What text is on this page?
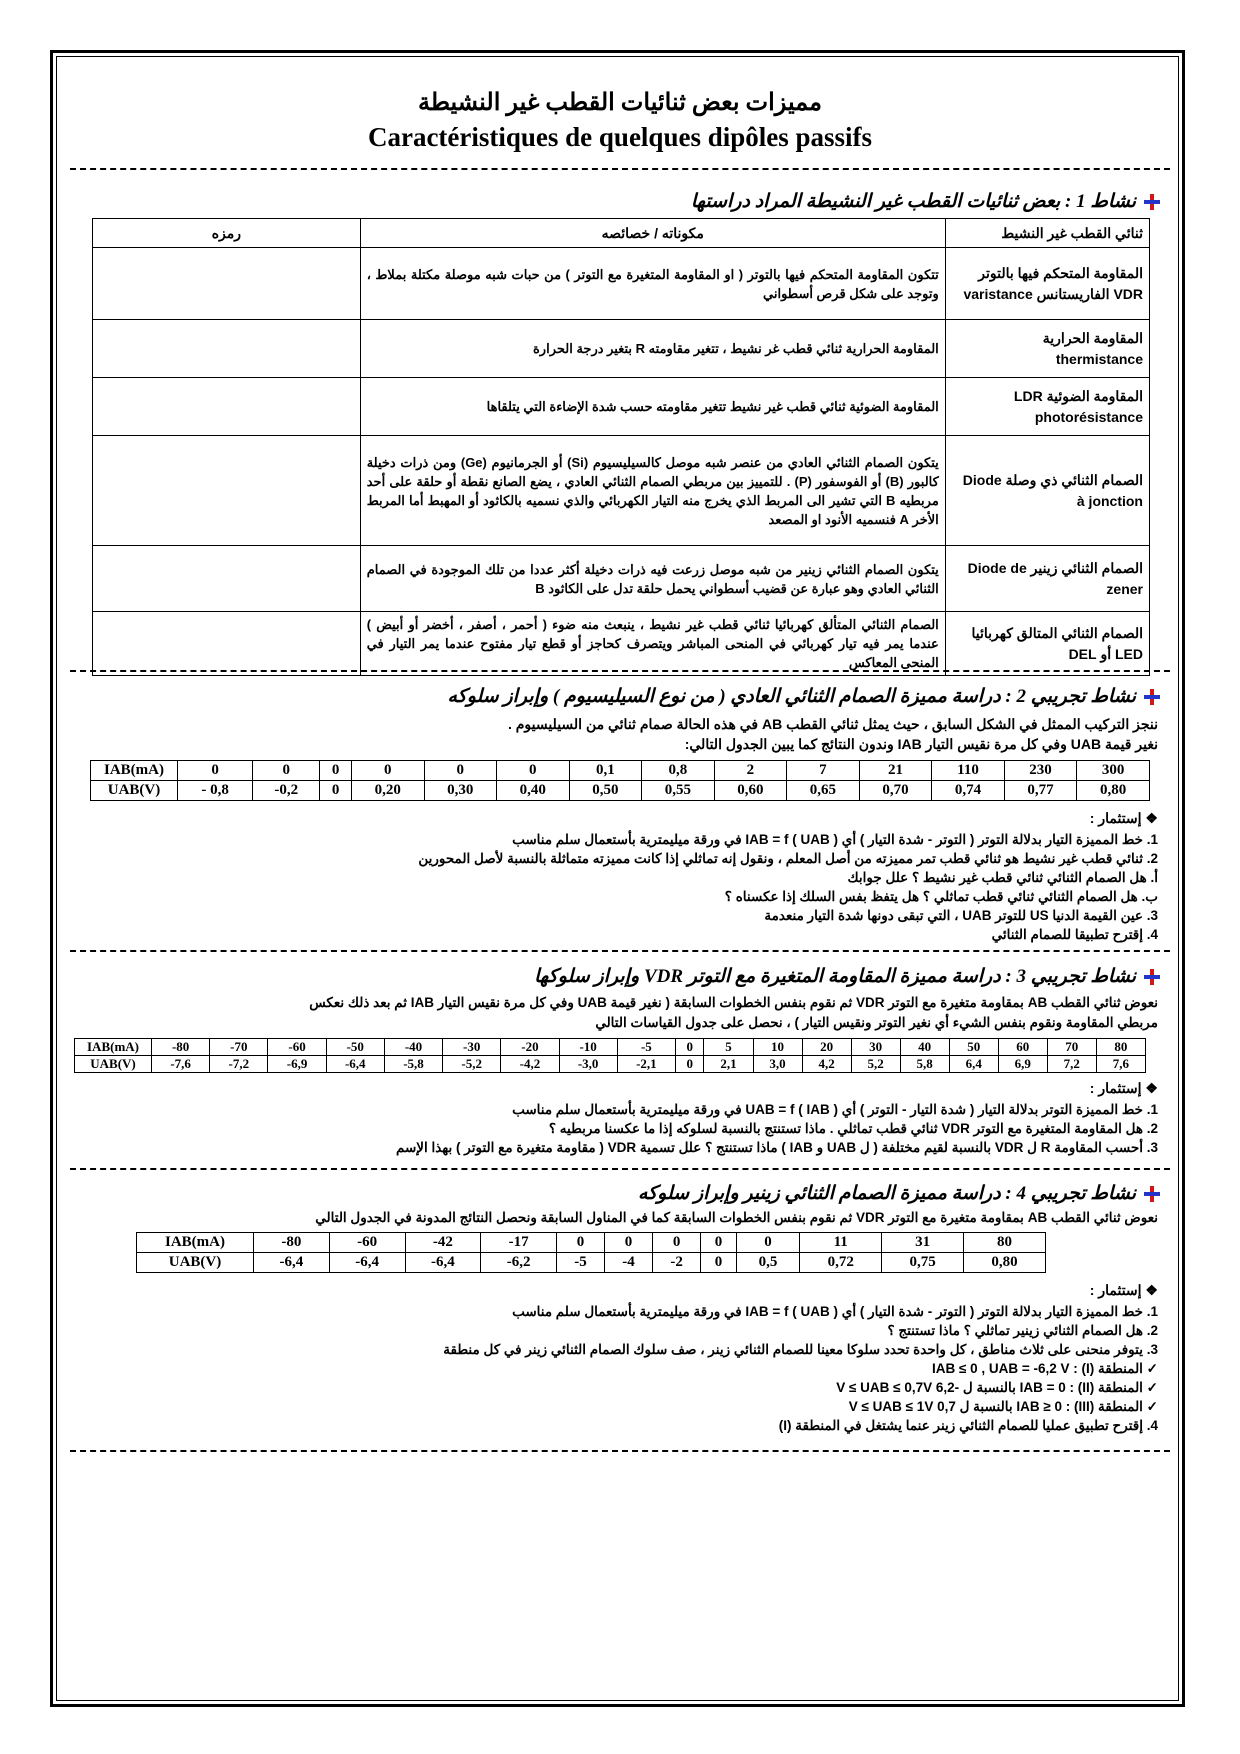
مميزات بعض ثنائيات القطب غير النشيطة
Caractéristiques de quelques dipôles passifs
نشاط 1 : بعض ثنائيات القطب غير النشيطة المراد دراستها
ثنائي القطب غير النشيط	مكوناته / خصائصه	رمزه
المقاومة المتحكم فيها بالتوتر VDR الفاريستانس varistance	تتكون المقاومة المتحكم فيها بالتوتر ( او المقاومة المتغيرة مع التوتر ) من حبات شبه موصلة مكتلة بملاط ، وتوجد على شكل قرص أسطواني	
المقاومة الحرارية thermistance	المقاومة الحرارية ثنائي قطب غر نشيط ، تتغير مقاومته R بتغير درجة الحرارة	
المقاومة الضوئية LDR photorésistance	المقاومة الضوئية ثنائي قطب غير نشيط تتغير مقاومته حسب شدة الإضاءة التي يتلقاها	
الصمام الثنائي ذي وصلة Diode à jonction	يتكون الصمام الثنائي العادي من عنصر شبه موصل كالسيليسيوم (Si) أو الجرمانيوم (Ge) ومن ذرات دخيلة كالبور (B) أو الفوسفور (P) . للتمييز بين مربطي الصمام الثنائي العادي ، يضع الصانع نقطة أو حلقة على أحد مربطيه B التي تشير الى المربط الذي يخرج منه التيار الكهربائي والذي نسميه بالكاثود أو المهبط أما المربط الأخر A فنسميه الأنود او المصعد	
الصمام الثنائي زينير Diode de zener	يتكون الصمام الثنائي زينير من شبه موصل زرعت فيه ذرات دخيلة أكثر عددا من تلك الموجودة في الصمام الثنائي العادي وهو عبارة عن قضيب أسطواني يحمل حلقة تدل على الكاثود B	
الصمام الثنائي المتالق كهربائيا LED أو DEL	الصمام الثنائي المتألق كهربائيا ثنائي قطب غير نشيط ، ينبعث منه ضوء ( أحمر ، أصفر ، أخضر أو أبيض ) عندما يمر فيه تيار كهربائي في المنحى المباشر ويتصرف كحاجز أو قطع تيار مفتوح عندما يمر التيار في المنحى المعاكس	
نشاط تجريبي 2 : دراسة مميزة الصمام الثنائي العادي ( من نوع السيليسيوم ) وإبراز سلوكه
ننجز التركيب الممثل في الشكل السابق ، حيث يمثل ثنائي القطب AB في هذه الحالة صمام ثنائي من السيليسيوم .
نغير قيمة UAB وفي كل مرة نقيس التيار IAB وندون النتائج كما يبين الجدول التالي:
IAB(mA)	0	0	0	0	0	0	0,1	0,8	2	7	21	110	230	300
UAB(V)	- 0,8	-0,2	0	0,20	0,30	0,40	0,50	0,55	0,60	0,65	0,70	0,74	0,77	0,80
❖ إستثمار :
1. خط المميزة التيار بدلالة التوتر ( التوتر - شدة التيار ) أي IAB = f ( UAB ) في ورقة ميليمترية بأستعمال سلم مناسب
2. ثنائي قطب غير نشيط هو ثنائي قطب تمر مميزته من أصل المعلم ، ونقول إنه تماثلي إذا كانت مميزته متماثلة بالنسبة لأصل المحورين
أ. هل الصمام الثنائي ثنائي قطب غير نشيط ؟ علل جوابك
ب. هل الصمام الثنائي ثنائي قطب تماثلي ؟ هل يتفظ بفس السلك إذا عكسناه ؟
3. عين القيمة الدنيا US للتوتر UAB ، التي تبقى دونها شدة التيار منعدمة
4. إقترح تطبيقا للصمام الثنائي
نشاط تجريبي 3 : دراسة مميزة المقاومة المتغيرة مع التوتر VDR وإبراز سلوكها
نعوض ثنائي القطب AB بمقاومة متغيرة مع التوتر VDR ثم نقوم بنفس الخطوات السابقة ( نغير قيمة UAB وفي كل مرة نقيس التيار IAB ثم بعد ذلك نعكس
مربطي المقاومة ونقوم بنفس الشيء أي نغير التوتر ونقيس التيار ) ، نحصل على جدول القياسات التالي
IAB(mA)	-80	-70	-60	-50	-40	-30	-20	-10	-5	0	5	10	20	30	40	50	60	70	80
UAB(V)	-7,6	-7,2	-6,9	-6,4	-5,8	-5,2	-4,2	-3,0	-2,1	0	2,1	3,0	4,2	5,2	5,8	6,4	6,9	7,2	7,6
❖ إستثمار :
1. خط المميزة التوتر بدلالة التيار ( شدة التيار - التوتر ) أي UAB = f ( IAB ) في ورقة ميليمترية بأستعمال سلم مناسب
2. هل المقاومة المتغيرة مع التوتر VDR ثنائي قطب تماثلي . ماذا تستنتج بالنسبة لسلوكه إذا ما عكسنا مربطيه ؟
3. أحسب المقاومة R ل VDR بالنسبة لقيم مختلفة ( ل UAB و IAB ) ماذا تستنتج ؟ علل تسمية VDR ( مقاومة متغيرة مع التوتر ) بهذا الإسم
نشاط تجريبي 4 : دراسة مميزة الصمام الثنائي زينير وإبراز سلوكه
نعوض ثنائي القطب AB بمقاومة متغيرة مع التوتر VDR ثم نقوم بنفس الخطوات السابقة كما في المناول السابقة ونحصل النتائج المدونة في الجدول التالي
IAB(mA)	-80	-60	-42	-17	0	0	0	0	0	11	31	80
UAB(V)	-6,4	-6,4	-6,4	-6,2	-5	-4	-2	0	0,5	0,72	0,75	0,80
❖ إستثمار :
1. خط المميزة التيار بدلالة التوتر ( التوتر - شدة التيار ) أي IAB = f ( UAB ) في ورقة ميليمترية بأستعمال سلم مناسب
2. هل الصمام الثنائي زينير تماثلي ؟ ماذا تستنتج ؟
3. يتوفر منحنى على ثلاث مناطق ، كل واحدة تحدد سلوكا معينا للصمام الثنائي زينر ، صف سلوك الصمام الثنائي زينر في كل منطقة
✓ المنطقة (I) : IAB ≤ 0 , UAB = -6,2 V
✓ المنطقة (II) : IAB = 0 بالنسبة ل -6,2 V ≤ UAB ≤ 0,7V
✓ المنطقة (III) : IAB ≥ 0 بالنسبة ل 0,7 V ≤ UAB ≤ 1V
4. إقترح تطبيق عمليا للصمام الثنائي زينر عنما يشتغل في المنطقة (I)
